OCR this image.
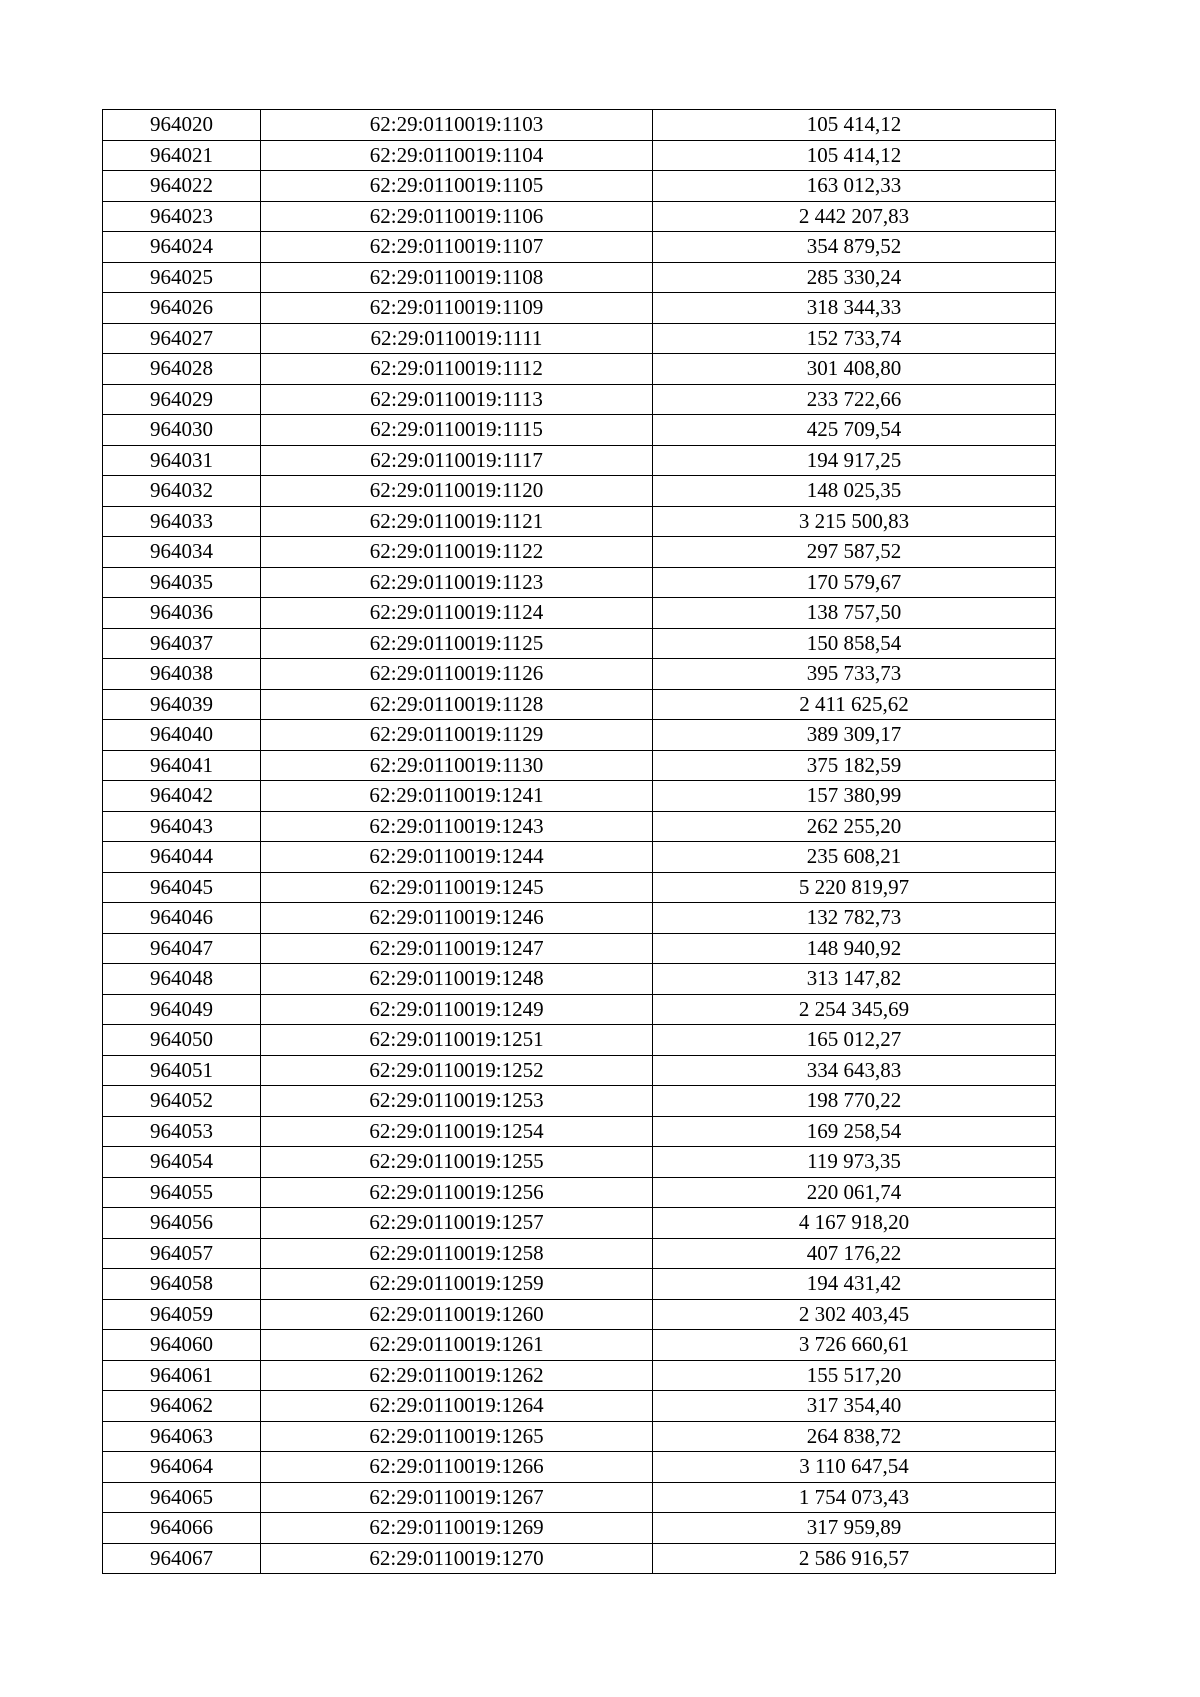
964020	62:29:0110019:1103	105 414,12
964021	62:29:0110019:1104	105 414,12
964022	62:29:0110019:1105	163 012,33
964023	62:29:0110019:1106	2 442 207,83
964024	62:29:0110019:1107	354 879,52
964025	62:29:0110019:1108	285 330,24
964026	62:29:0110019:1109	318 344,33
964027	62:29:0110019:1111	152 733,74
964028	62:29:0110019:1112	301 408,80
964029	62:29:0110019:1113	233 722,66
964030	62:29:0110019:1115	425 709,54
964031	62:29:0110019:1117	194 917,25
964032	62:29:0110019:1120	148 025,35
964033	62:29:0110019:1121	3 215 500,83
964034	62:29:0110019:1122	297 587,52
964035	62:29:0110019:1123	170 579,67
964036	62:29:0110019:1124	138 757,50
964037	62:29:0110019:1125	150 858,54
964038	62:29:0110019:1126	395 733,73
964039	62:29:0110019:1128	2 411 625,62
964040	62:29:0110019:1129	389 309,17
964041	62:29:0110019:1130	375 182,59
964042	62:29:0110019:1241	157 380,99
964043	62:29:0110019:1243	262 255,20
964044	62:29:0110019:1244	235 608,21
964045	62:29:0110019:1245	5 220 819,97
964046	62:29:0110019:1246	132 782,73
964047	62:29:0110019:1247	148 940,92
964048	62:29:0110019:1248	313 147,82
964049	62:29:0110019:1249	2 254 345,69
964050	62:29:0110019:1251	165 012,27
964051	62:29:0110019:1252	334 643,83
964052	62:29:0110019:1253	198 770,22
964053	62:29:0110019:1254	169 258,54
964054	62:29:0110019:1255	119 973,35
964055	62:29:0110019:1256	220 061,74
964056	62:29:0110019:1257	4 167 918,20
964057	62:29:0110019:1258	407 176,22
964058	62:29:0110019:1259	194 431,42
964059	62:29:0110019:1260	2 302 403,45
964060	62:29:0110019:1261	3 726 660,61
964061	62:29:0110019:1262	155 517,20
964062	62:29:0110019:1264	317 354,40
964063	62:29:0110019:1265	264 838,72
964064	62:29:0110019:1266	3 110 647,54
964065	62:29:0110019:1267	1 754 073,43
964066	62:29:0110019:1269	317 959,89
964067	62:29:0110019:1270	2 586 916,57
